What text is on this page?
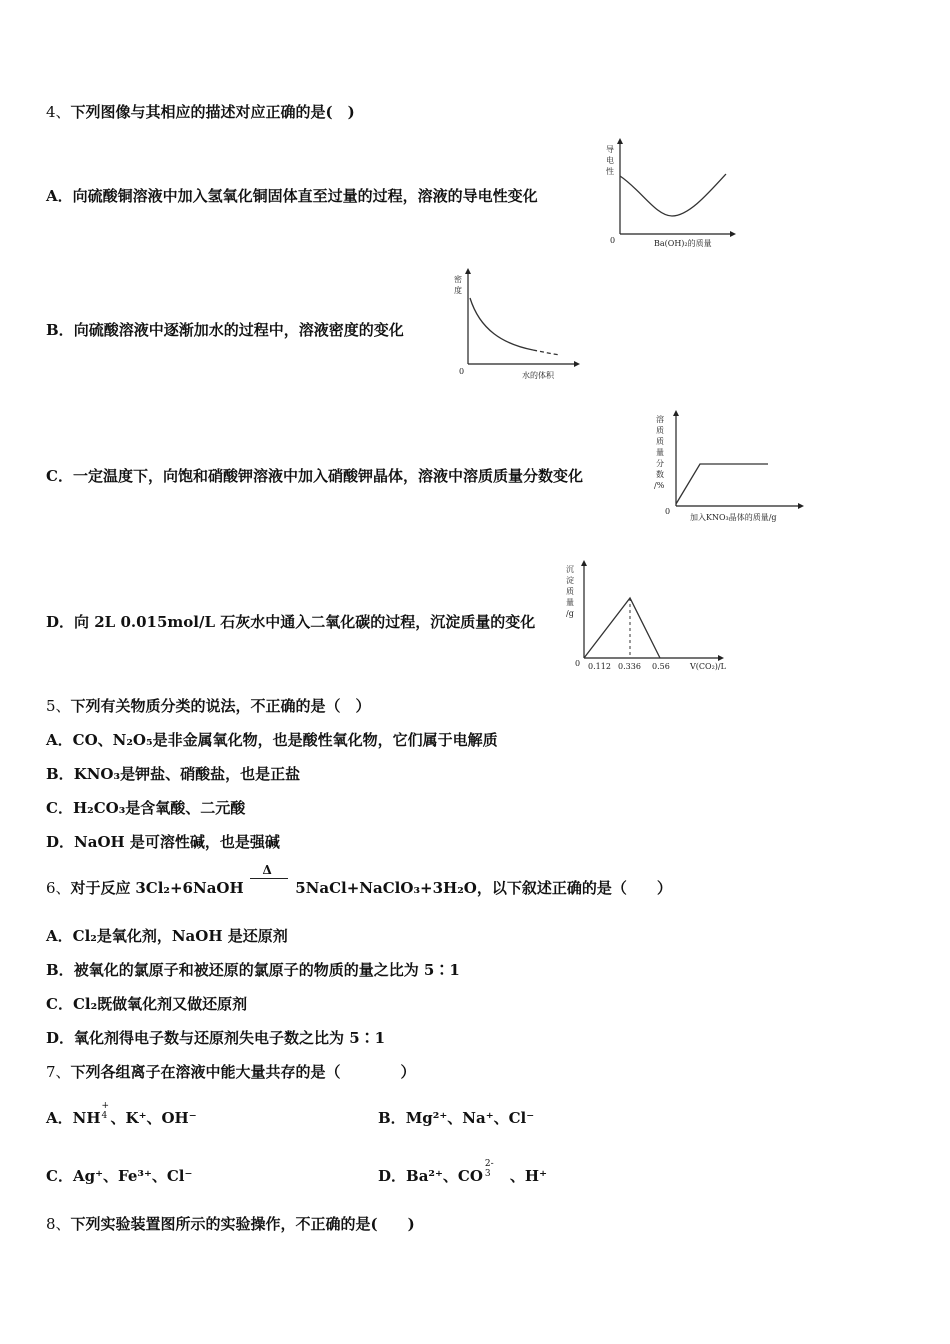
4、下列图像与其相应的描述对应正确的是(　)
A．向硫酸铜溶液中加入氢氧化铜固体直至过量的过程，溶液的导电性变化
导
电
性
0	Ba(OH)₂的质量
B．向硫酸溶液中逐渐加水的过程中，溶液密度的变化
密
度
0	水的体积
C．一定温度下，向饱和硝酸钾溶液中加入硝酸钾晶体，溶液中溶质质量分数变化
溶
质
质
量
分
数
/%
0
加入KNO₃晶体的质量/g
D．向 2L 0.015mol/L 石灰水中通入二氧化碳的过程，沉淀质量的变化
沉
淀
质
量
/g
0 0.112 0.336 0.56	V(CO₂)/L
5、下列有关物质分类的说法，不正确的是（　）
A．CO、N₂O₅是非金属氧化物，也是酸性氧化物，它们属于电解质
B．KNO₃是钾盐、硝酸盐，也是正盐
C．H₂CO₃是含氧酸、二元酸
D．NaOH 是可溶性碱，也是强碱
6、对于反应 3Cl₂+6NaOH
Δ
5NaCl+NaClO₃+3H₂O，以下叙述正确的是（　　）
A．Cl₂是氧化剂，NaOH 是还原剂
B．被氧化的氯原子和被还原的氯原子的物质的量之比为 5∶1
C．Cl₂既做氧化剂又做还原剂
D．氧化剂得电子数与还原剂失电子数之比为 5∶1
7、下列各组离子在溶液中能大量共存的是（　　　　）
A．NH
+
4 、K⁺、OH⁻	B．Mg²⁺、Na⁺、Cl⁻
C．Ag⁺、Fe³⁺、Cl⁻	D．Ba²⁺、CO
2-
3 　、H⁺
8、下列实验装置图所示的实验操作，不正确的是(　　)
